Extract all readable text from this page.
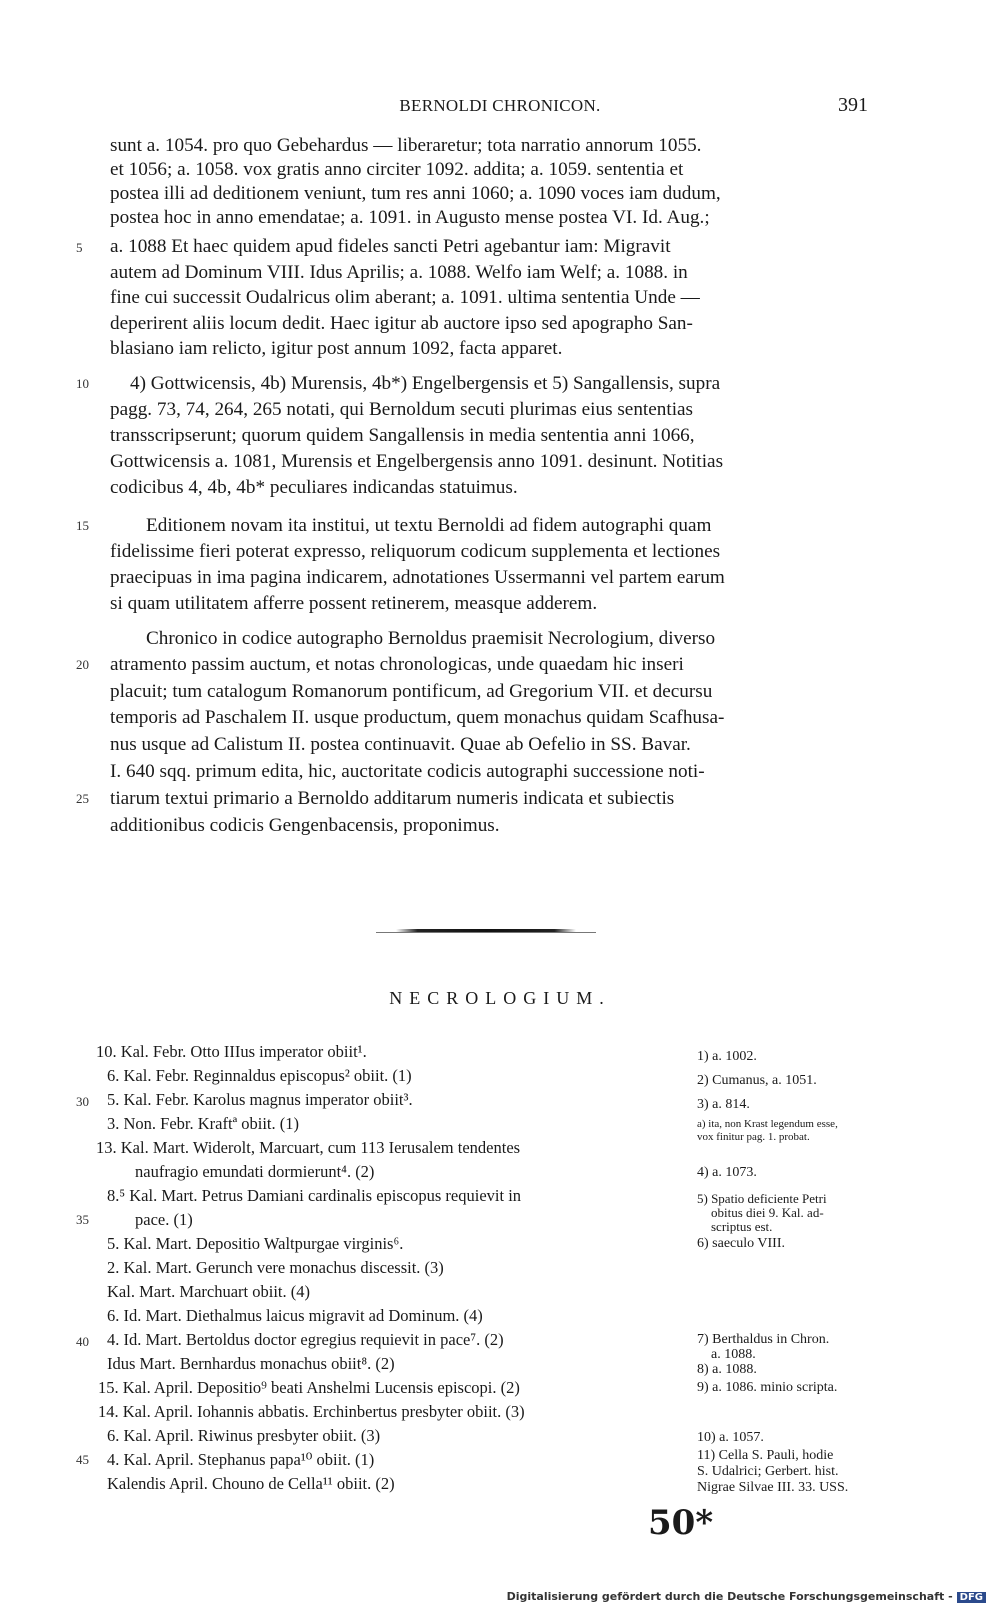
BERNOLDI CHRONICON.	391
sunt a. 1054. pro quo Gebehardus — liberaretur; tota narratio annorum 1055.
et 1056; a. 1058. vox gratis anno circiter 1092. addita; a. 1059. sententia et
postea illi ad deditionem veniunt, tum res anni 1060; a. 1090 voces iam dudum,
postea hoc in anno emendatae; a. 1091. in Augusto mense postea VI. Id. Aug.;
a. 1088 Et haec quidem apud fideles sancti Petri agebantur iam: Migravit
autem ad Dominum VIII. Idus Aprilis; a. 1088. Welfo iam Welf; a. 1088. in
fine cui successit Oudalricus olim aberant; a. 1091. ultima sententia Unde —
deperirent aliis locum dedit. Haec igitur ab auctore ipso sed apographo San-
blasiano iam relicto, igitur post annum 1092, facta apparet.
4) Gottwicensis, 4b) Murensis, 4b*) Engelbergensis et 5) Sangallensis, supra
pagg. 73, 74, 264, 265 notati, qui Bernoldum secuti plurimas eius sententias
transscripserunt; quorum quidem Sangallensis in media sententia anni 1066,
Gottwicensis a. 1081, Murensis et Engelbergensis anno 1091. desinunt. Notitias
codicibus 4, 4b, 4b* peculiares indicandas statuimus.
Editionem novam ita institui, ut textu Bernoldi ad fidem autographi quam
fidelissime fieri poterat expresso, reliquorum codicum supplementa et lectiones
praecipuas in ima pagina indicarem, adnotationes Ussermanni vel partem earum
si quam utilitatem afferre possent retinerem, measque adderem.
Chronico in codice autographo Bernoldus praemisit Necrologium, diverso
atramento passim auctum, et notas chronologicas, unde quaedam hic inseri
placuit; tum catalogum Romanorum pontificum, ad Gregorium VII. et decursu
temporis ad Paschalem II. usque productum, quem monachus quidam Scafhusa-
nus usque ad Calistum II. postea continuavit. Quae ab Oefelio in SS. Bavar.
I. 640 sqq. primum edita, hic, auctoritate codicis autographi successione noti-
tiarum textui primario a Bernoldo additarum numeris indicata et subiectis
additionibus codicis Gengenbacensis, proponimus.
5
10
15
20
25
NECROLOGIUM.
10. Kal. Febr. Otto IIIus imperator obiit¹.
6. Kal. Febr. Reginnaldus episcopus² obiit. (1)
5. Kal. Febr. Karolus magnus imperator obiit³.
3. Non. Febr. Kraftª obiit. (1)
13. Kal. Mart. Widerolt, Marcuart, cum 113 Ierusalem tendentes
naufragio emundati dormierunt⁴. (2)
8.⁵ Kal. Mart. Petrus Damiani cardinalis episcopus requievit in
pace. (1)
5. Kal. Mart. Depositio Waltpurgae virginis⁶.
2. Kal. Mart. Gerunch vere monachus discessit. (3)
Kal. Mart. Marchuart obiit. (4)
6. Id. Mart. Diethalmus laicus migravit ad Dominum. (4)
4. Id. Mart. Bertoldus doctor egregius requievit in pace⁷. (2)
Idus Mart. Bernhardus monachus obiit⁸. (2)
15. Kal. April. Depositio⁹ beati Anshelmi Lucensis episcopi. (2)
14. Kal. April. Iohannis abbatis. Erchinbertus presbyter obiit. (3)
6. Kal. April. Riwinus presbyter obiit. (3)
4. Kal. April. Stephanus papa¹⁰ obiit. (1)
Kalendis April. Chouno de Cella¹¹ obiit. (2)
30
35
40
45
1) a. 1002.
2) Cumanus, a. 1051.
3) a. 814.
a) ita, non Krast legendum esse,
vox finitur pag. 1. probat.
4) a. 1073.
5) Spatio deficiente Petri
obitus diei 9. Kal. ad-
scriptus est.
6) saeculo VIII.
7) Berthaldus in Chron.
a. 1088.
8) a. 1088.
9) a. 1086. minio scripta.
10) a. 1057.
11) Cella S. Pauli, hodie
S. Udalrici; Gerbert. hist.
Nigrae Silvae III. 33. USS.
50*
Digitalisierung gefördert durch die Deutsche Forschungsgemeinschaft - DFG
